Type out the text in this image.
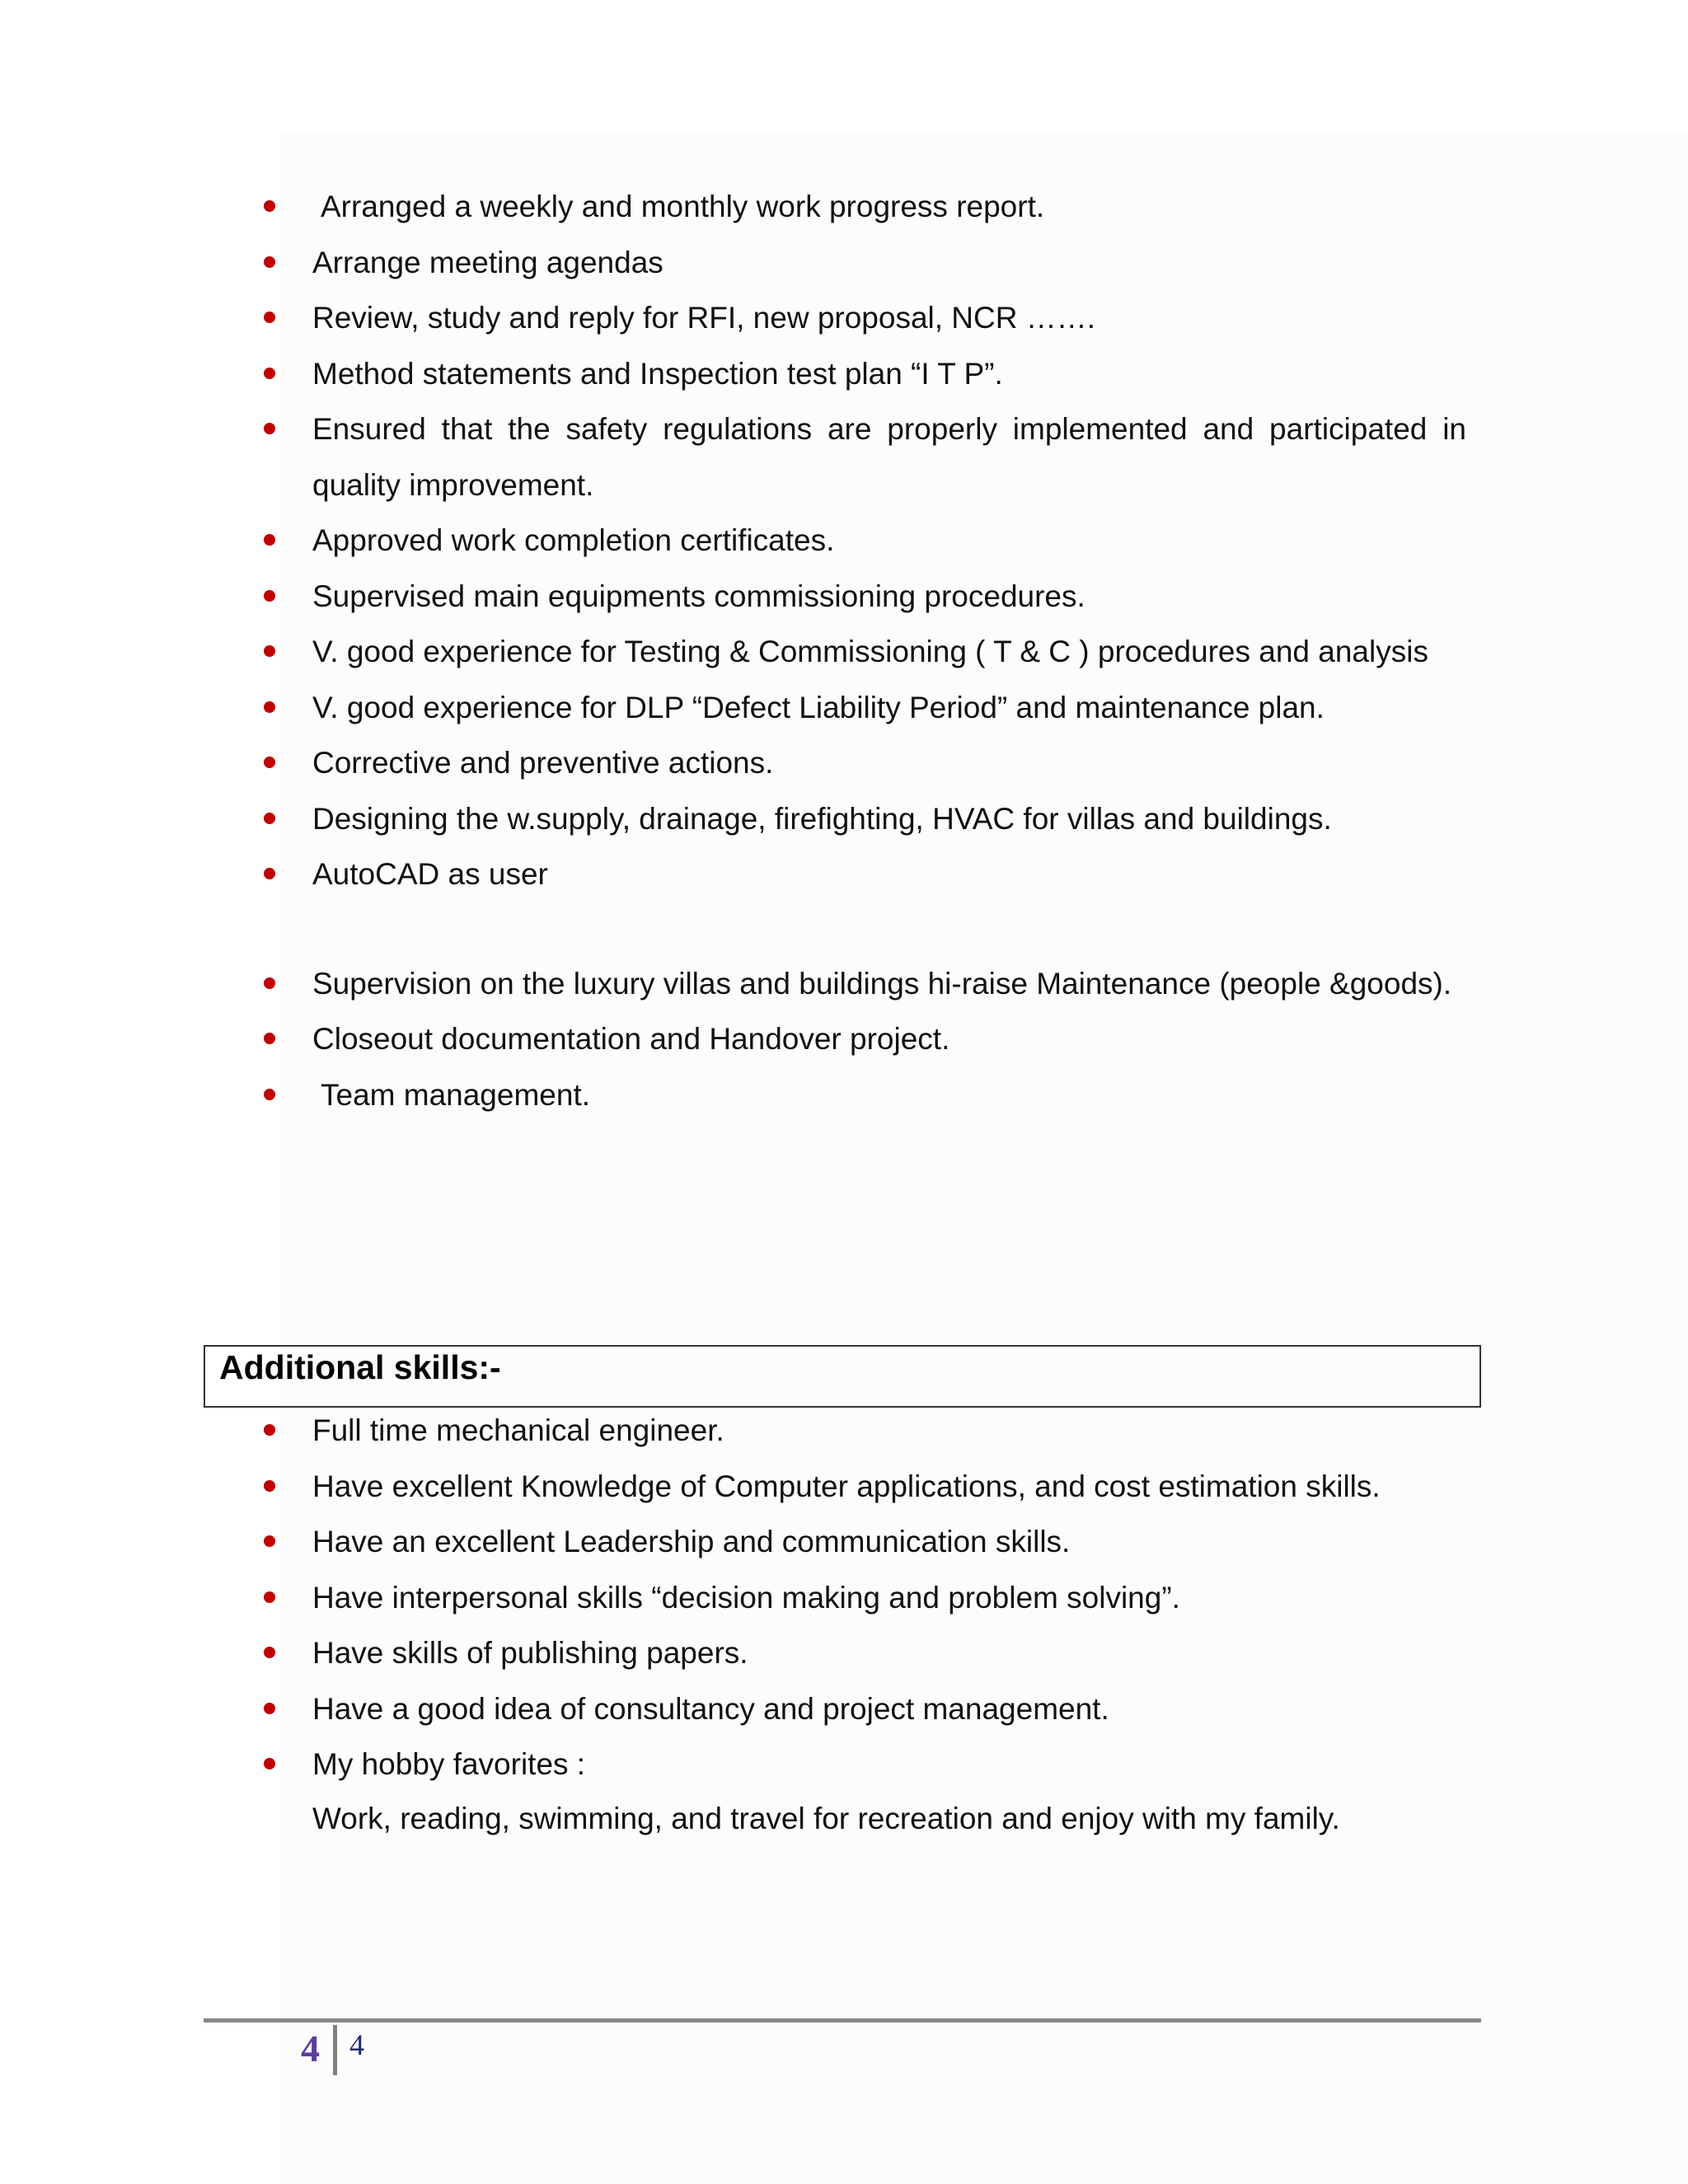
Arranged a weekly and monthly work progress report.
Arrange meeting agendas
Review, study and reply for RFI, new proposal, NCR …….
Method statements and Inspection test plan “I T P”.
Ensured that the safety regulations are properly implemented and participated in quality improvement.
Approved work completion certificates.
Supervised main equipments commissioning procedures.
V. good experience for Testing & Commissioning ( T & C ) procedures and analysis
V. good experience for DLP “Defect Liability Period” and maintenance plan.
Corrective and preventive actions.
Designing the w.supply, drainage, firefighting, HVAC for villas and buildings.
AutoCAD as user
Supervision on the luxury villas and buildings hi-raise Maintenance (people &goods).
Closeout documentation and Handover project.
Team management.
Additional skills:-
Full time mechanical engineer.
Have excellent Knowledge of Computer applications, and cost estimation skills.
Have an excellent Leadership and communication skills.
Have interpersonal skills “decision making and problem solving”.
Have skills of publishing papers.
Have a good idea of consultancy and project management.
My hobby favorites :
Work, reading, swimming, and travel for recreation and enjoy with my family.
4 4
